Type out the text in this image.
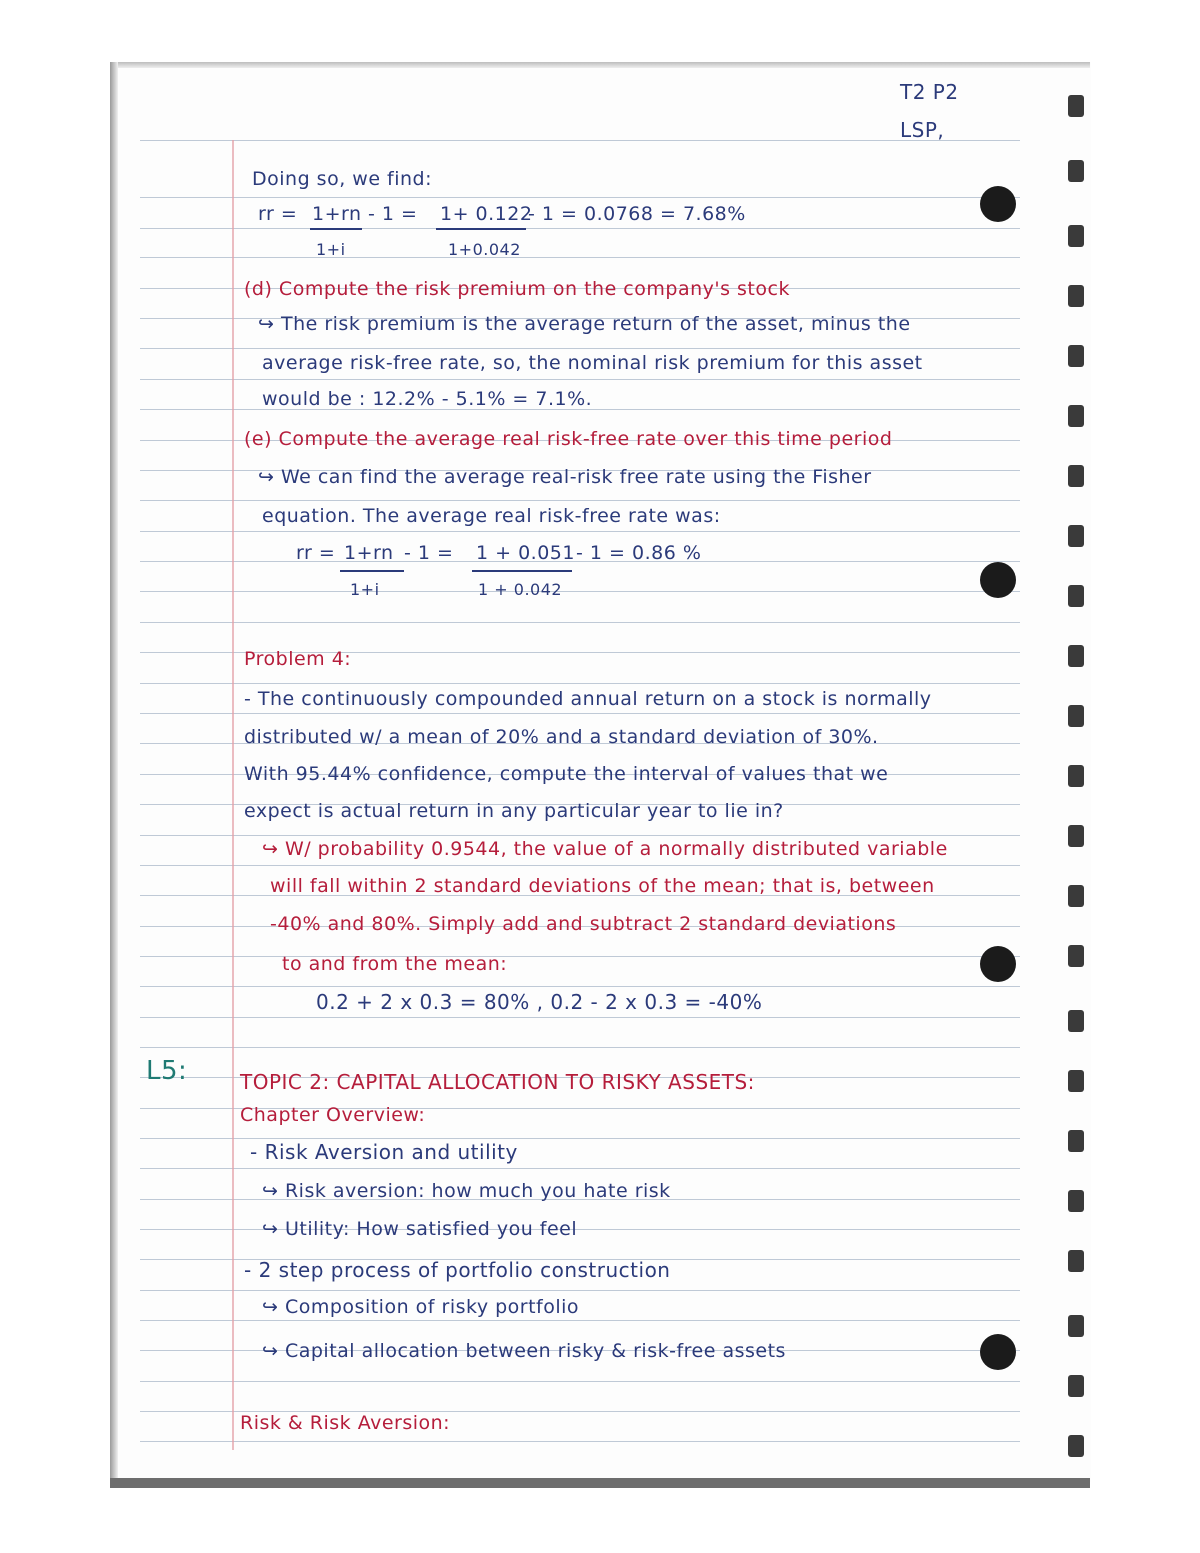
T2 P2
LSP,
Doing so, we find:
rr = 1+rn - 1 = 1+ 0.122
- 1 = 0.0768 = 7.68%
1+i	1+0.042
(d) Compute the risk premium on the company's stock
↪ The risk premium is the average return of the asset, minus the
average risk-free rate, so, the nominal risk premium for this asset
would be : 12.2% - 5.1% = 7.1%.
(e) Compute the average real risk-free rate over this time period
↪ We can find the average real-risk free rate using the Fisher
equation. The average real risk-free rate was:
rr = 1+rn - 1 = 1 + 0.051 - 1 = 0.86 %
1+i	1 + 0.042
Problem 4:
- The continuously compounded annual return on a stock is normally
distributed w/ a mean of 20% and a standard deviation of 30%.
With 95.44% confidence, compute the interval of values that we
expect is actual return in any particular year to lie in?
↪ W/ probability 0.9544, the value of a normally distributed variable
will fall within 2 standard deviations of the mean; that is, between
-40% and 80%. Simply add and subtract 2 standard deviations
to and from the mean:
0.2 + 2 x 0.3 = 80% , 0.2 - 2 x 0.3 = -40%
L5:	TOPIC 2: CAPITAL ALLOCATION TO RISKY ASSETS:
Chapter Overview:
- Risk Aversion and utility
↪ Risk aversion: how much you hate risk
↪ Utility: How satisfied you feel
- 2 step process of portfolio construction
↪ Composition of risky portfolio
↪ Capital allocation between risky & risk-free assets
Risk & Risk Aversion:
